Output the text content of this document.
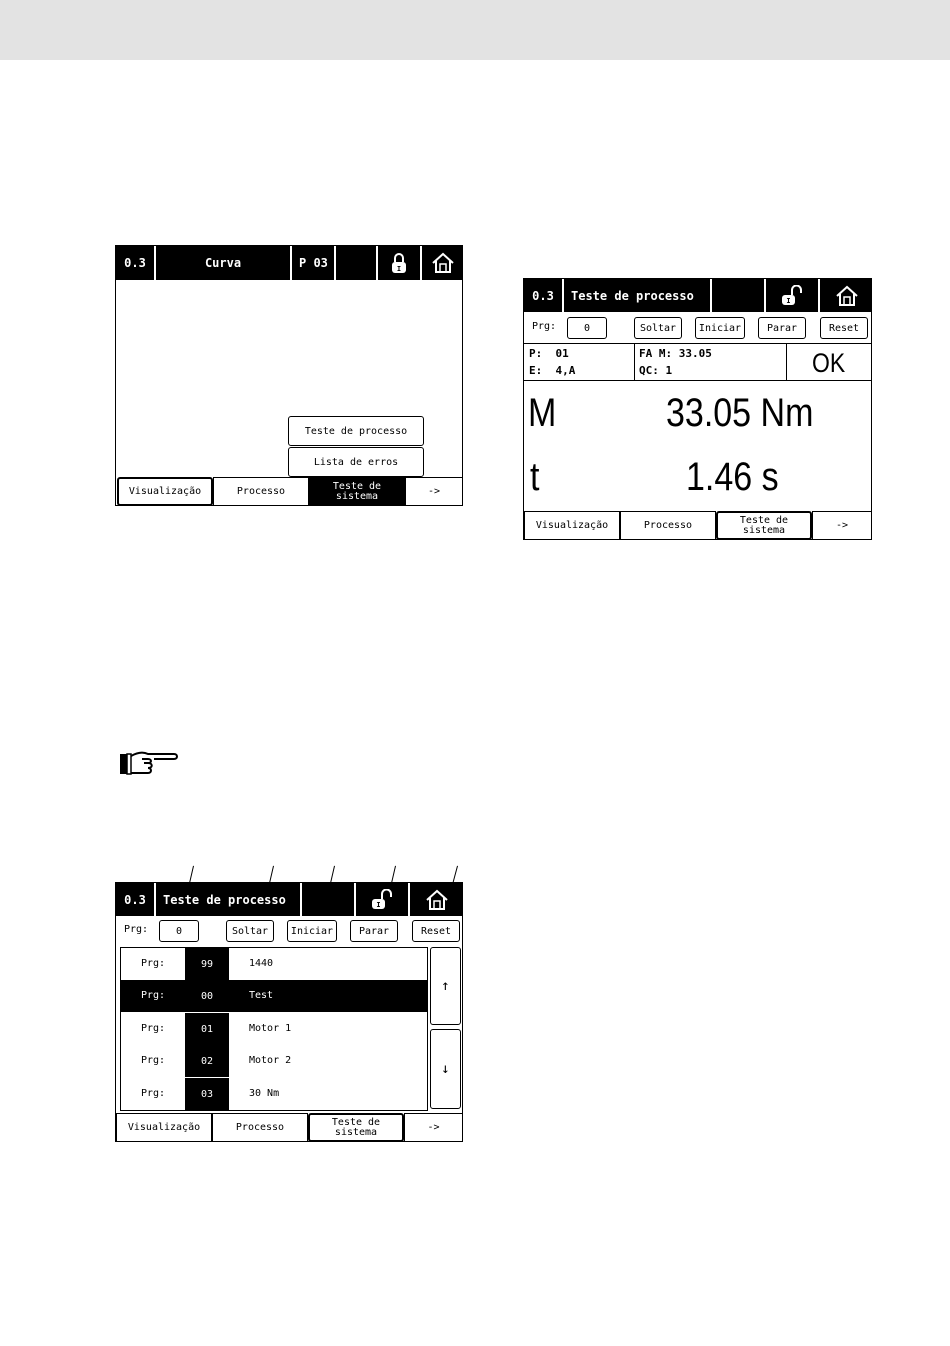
0.3	Curva	P 03	I
Teste de processo
Lista de erros
Visualizaҫão	Processo	Teste de
sistema	->
0.3	Teste de processo	I
Prg:	0	Soltar	Iniciar	Parar	Reset
P:  01
E:  4,A
FA M: 33.05
QC: 1	OK
M	33.05 Nm
t	1.46 s
Visualizaҫão	Processo	Teste de
sistema	->
0.3	Teste de processo	I
Prg:	0	Soltar	Iniciar	Parar	Reset
Prg:	99	1440
Prg:	00	Test
Prg:	01	Motor 1
Prg:	02	Motor 2
Prg:	03	30 Nm
↑
↓
Visualizaҫão	Processo	Teste de
sistema	->
